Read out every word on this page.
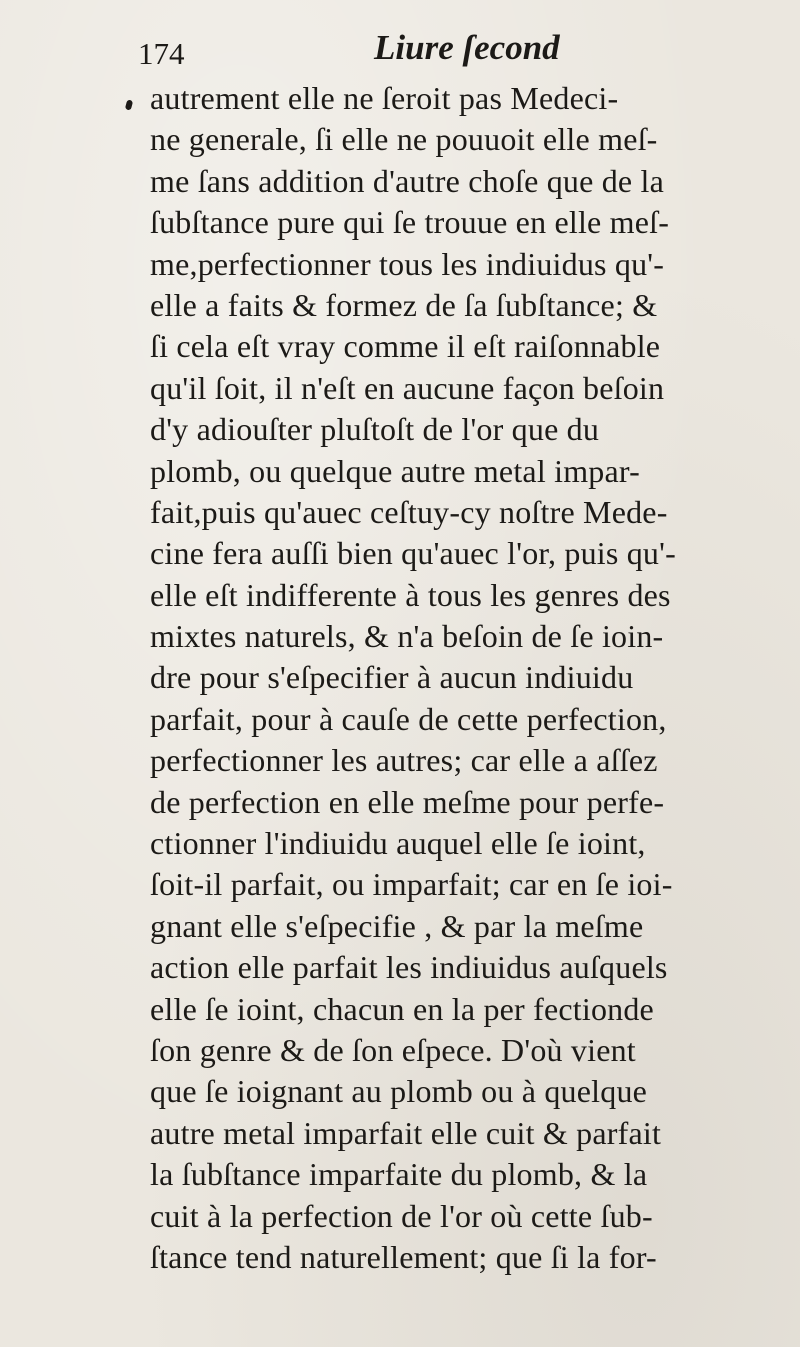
174	Liure ſecond
autrement elle ne ſeroit pas Medeci-
ne generale, ſi elle ne pouuoit elle meſ-
me ſans addition d'autre choſe que de la
ſubſtance pure qui ſe trouue en elle meſ-
me,perfectionner tous les indiuidus qu'-
elle a faits & formez de ſa ſubſtance; &
ſi cela eſt vray comme il eſt raiſonnable
qu'il ſoit, il n'eſt en aucune façon beſoin
d'y adiouſter pluſtoſt de l'or que du
plomb, ou quelque autre metal impar-
fait,puis qu'auec ceſtuy-cy noſtre Mede-
cine fera auſſi bien qu'auec l'or, puis qu'-
elle eſt indifferente à tous les genres des
mixtes naturels, & n'a beſoin de ſe ioin-
dre pour s'eſpecifier à aucun indiuidu
parfait, pour à cauſe de cette perfection,
perfectionner les autres; car elle a aſſez
de perfection en elle meſme pour perfe-
ctionner l'indiuidu auquel elle ſe ioint,
ſoit-il parfait, ou imparfait; car en ſe ioi-
gnant elle s'eſpecifie , & par la meſme
action elle parfait les indiuidus auſquels
elle ſe ioint, chacun en la per fectionde
ſon genre & de ſon eſpece. D'où vient
que ſe ioignant au plomb ou à quelque
autre metal imparfait elle cuit & parfait
la ſubſtance imparfaite du plomb, & la
cuit à la perfection de l'or où cette ſub-
ſtance tend naturellement; que ſi la for-
